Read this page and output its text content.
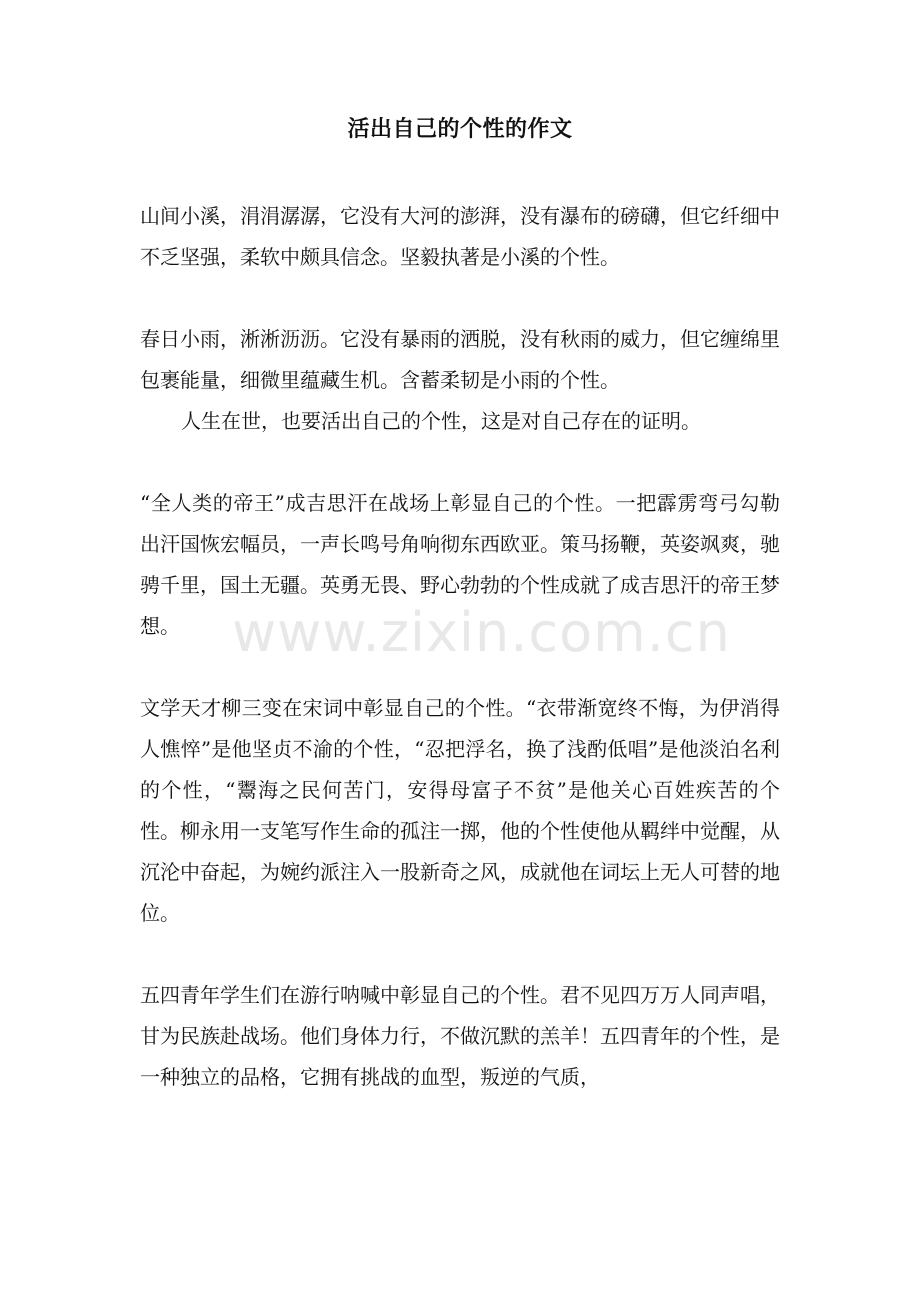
活出自己的个性的作文

山间小溪，涓涓潺潺，它没有大河的澎湃，没有瀑布的磅礴，但它纤细中不乏坚强，柔软中颇具信念。坚毅执著是小溪的个性。

春日小雨，淅淅沥沥。它没有暴雨的洒脱，没有秋雨的威力，但它缠绵里包裹能量，细微里蕴藏生机。含蓄柔韧是小雨的个性。

人生在世，也要活出自己的个性，这是对自己存在的证明。

“全人类的帝王”成吉思汗在战场上彰显自己的个性。一把霹雳弯弓勾勒出汗国恢宏幅员，一声长鸣号角响彻东西欧亚。策马扬鞭，英姿飒爽，驰骋千里，国土无疆。英勇无畏、野心勃勃的个性成就了成吉思汗的帝王梦想。

文学天才柳三变在宋词中彰显自己的个性。“衣带渐宽终不悔，为伊消得人憔悴”是他坚贞不渝的个性，“忍把浮名，换了浅酌低唱”是他淡泊名利的个性，“鬻海之民何苦门，安得母富子不贫”是他关心百姓疾苦的个性。柳永用一支笔写作生命的孤注一掷，他的个性使他从羁绊中觉醒，从沉沦中奋起，为婉约派注入一股新奇之风，成就他在词坛上无人可替的地位。

五四青年学生们在游行呐喊中彰显自己的个性。君不见四万万人同声唱，甘为民族赴战场。他们身体力行，不做沉默的羔羊！五四青年的个性，是一种独立的品格，它拥有挑战的血型，叛逆的气质，

www.zixin.com.cn
